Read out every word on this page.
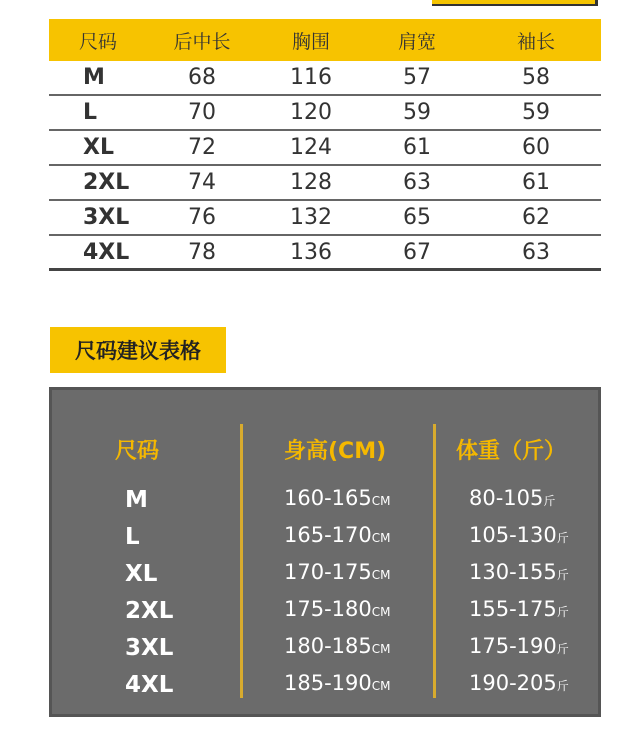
尺码	后中长	胸围	肩宽	袖长
M	68	116	57	58
L	70	120	59	59
XL	72	124	61	60
2XL	74	128	63	61
3XL	76	132	65	62
4XL	78	136	67	63
尺码建议表格
尺码	身高(CM)	体重（斤）
M	160-165CM	80-105斤
L	165-170CM	105-130斤
XL	170-175CM	130-155斤
2XL	175-180CM	155-175斤
3XL	180-185CM	175-190斤
4XL	185-190CM	190-205斤
